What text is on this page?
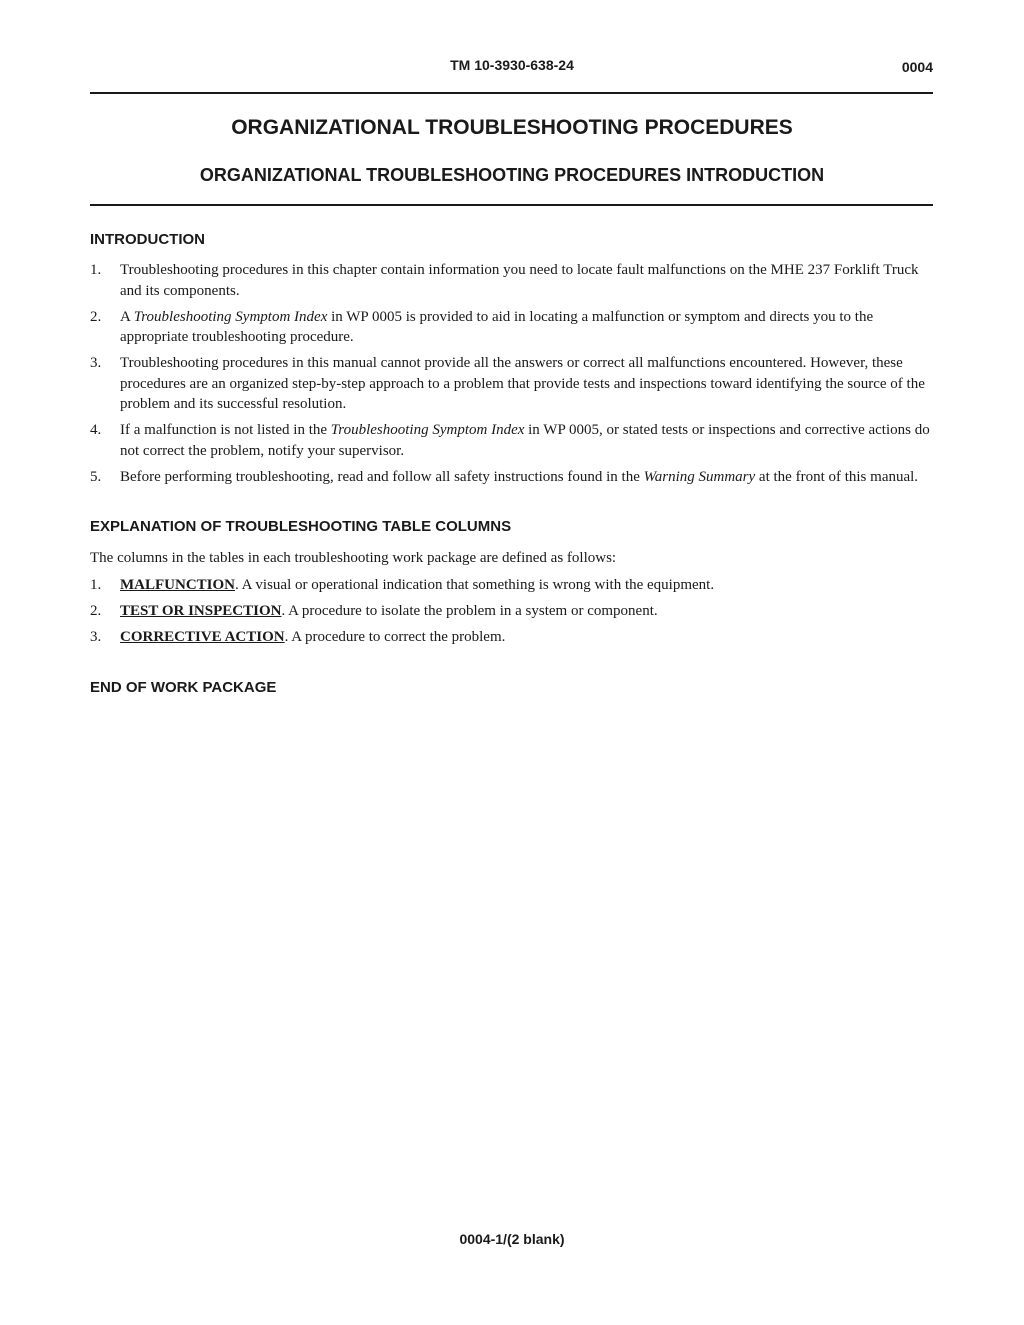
TM 10-3930-638-24	0004
ORGANIZATIONAL TROUBLESHOOTING PROCEDURES
ORGANIZATIONAL TROUBLESHOOTING PROCEDURES INTRODUCTION
INTRODUCTION
1. Troubleshooting procedures in this chapter contain information you need to locate fault malfunctions on the MHE 237 Forklift Truck and its components.
2. A Troubleshooting Symptom Index in WP 0005 is provided to aid in locating a malfunction or symptom and directs you to the appropriate troubleshooting procedure.
3. Troubleshooting procedures in this manual cannot provide all the answers or correct all malfunctions encountered. However, these procedures are an organized step-by-step approach to a problem that provide tests and inspections toward identifying the source of the problem and its successful resolution.
4. If a malfunction is not listed in the Troubleshooting Symptom Index in WP 0005, or stated tests or inspections and corrective actions do not correct the problem, notify your supervisor.
5. Before performing troubleshooting, read and follow all safety instructions found in the Warning Summary at the front of this manual.
EXPLANATION OF TROUBLESHOOTING TABLE COLUMNS
The columns in the tables in each troubleshooting work package are defined as follows:
1. MALFUNCTION. A visual or operational indication that something is wrong with the equipment.
2. TEST OR INSPECTION. A procedure to isolate the problem in a system or component.
3. CORRECTIVE ACTION. A procedure to correct the problem.
END OF WORK PACKAGE
0004-1/(2 blank)
